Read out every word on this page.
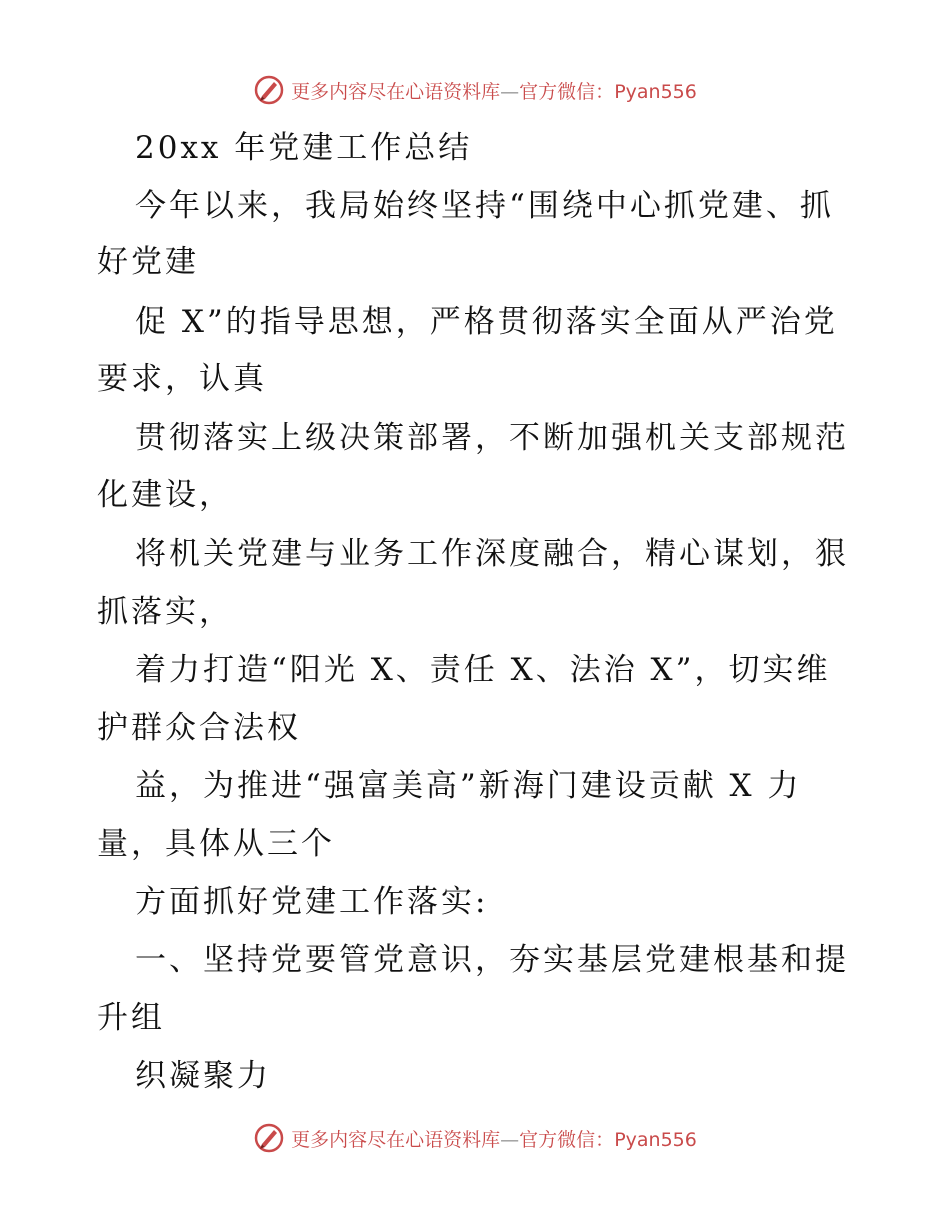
更多内容尽在心语资料库—官方微信：Pyan556
20xx 年党建工作总结
今年以来，我局始终坚持“围绕中心抓党建、抓
好党建
促 X”的指导思想，严格贯彻落实全面从严治党
要求，认真
贯彻落实上级决策部署，不断加强机关支部规范
化建设，
将机关党建与业务工作深度融合，精心谋划，狠
抓落实，
着力打造“阳光 X、责任 X、法治 X”，切实维
护群众合法权
益，为推进“强富美高”新海门建设贡献 X 力
量，具体从三个
方面抓好党建工作落实:
一、坚持党要管党意识，夯实基层党建根基和提
升组
织凝聚力
更多内容尽在心语资料库—官方微信：Pyan556
